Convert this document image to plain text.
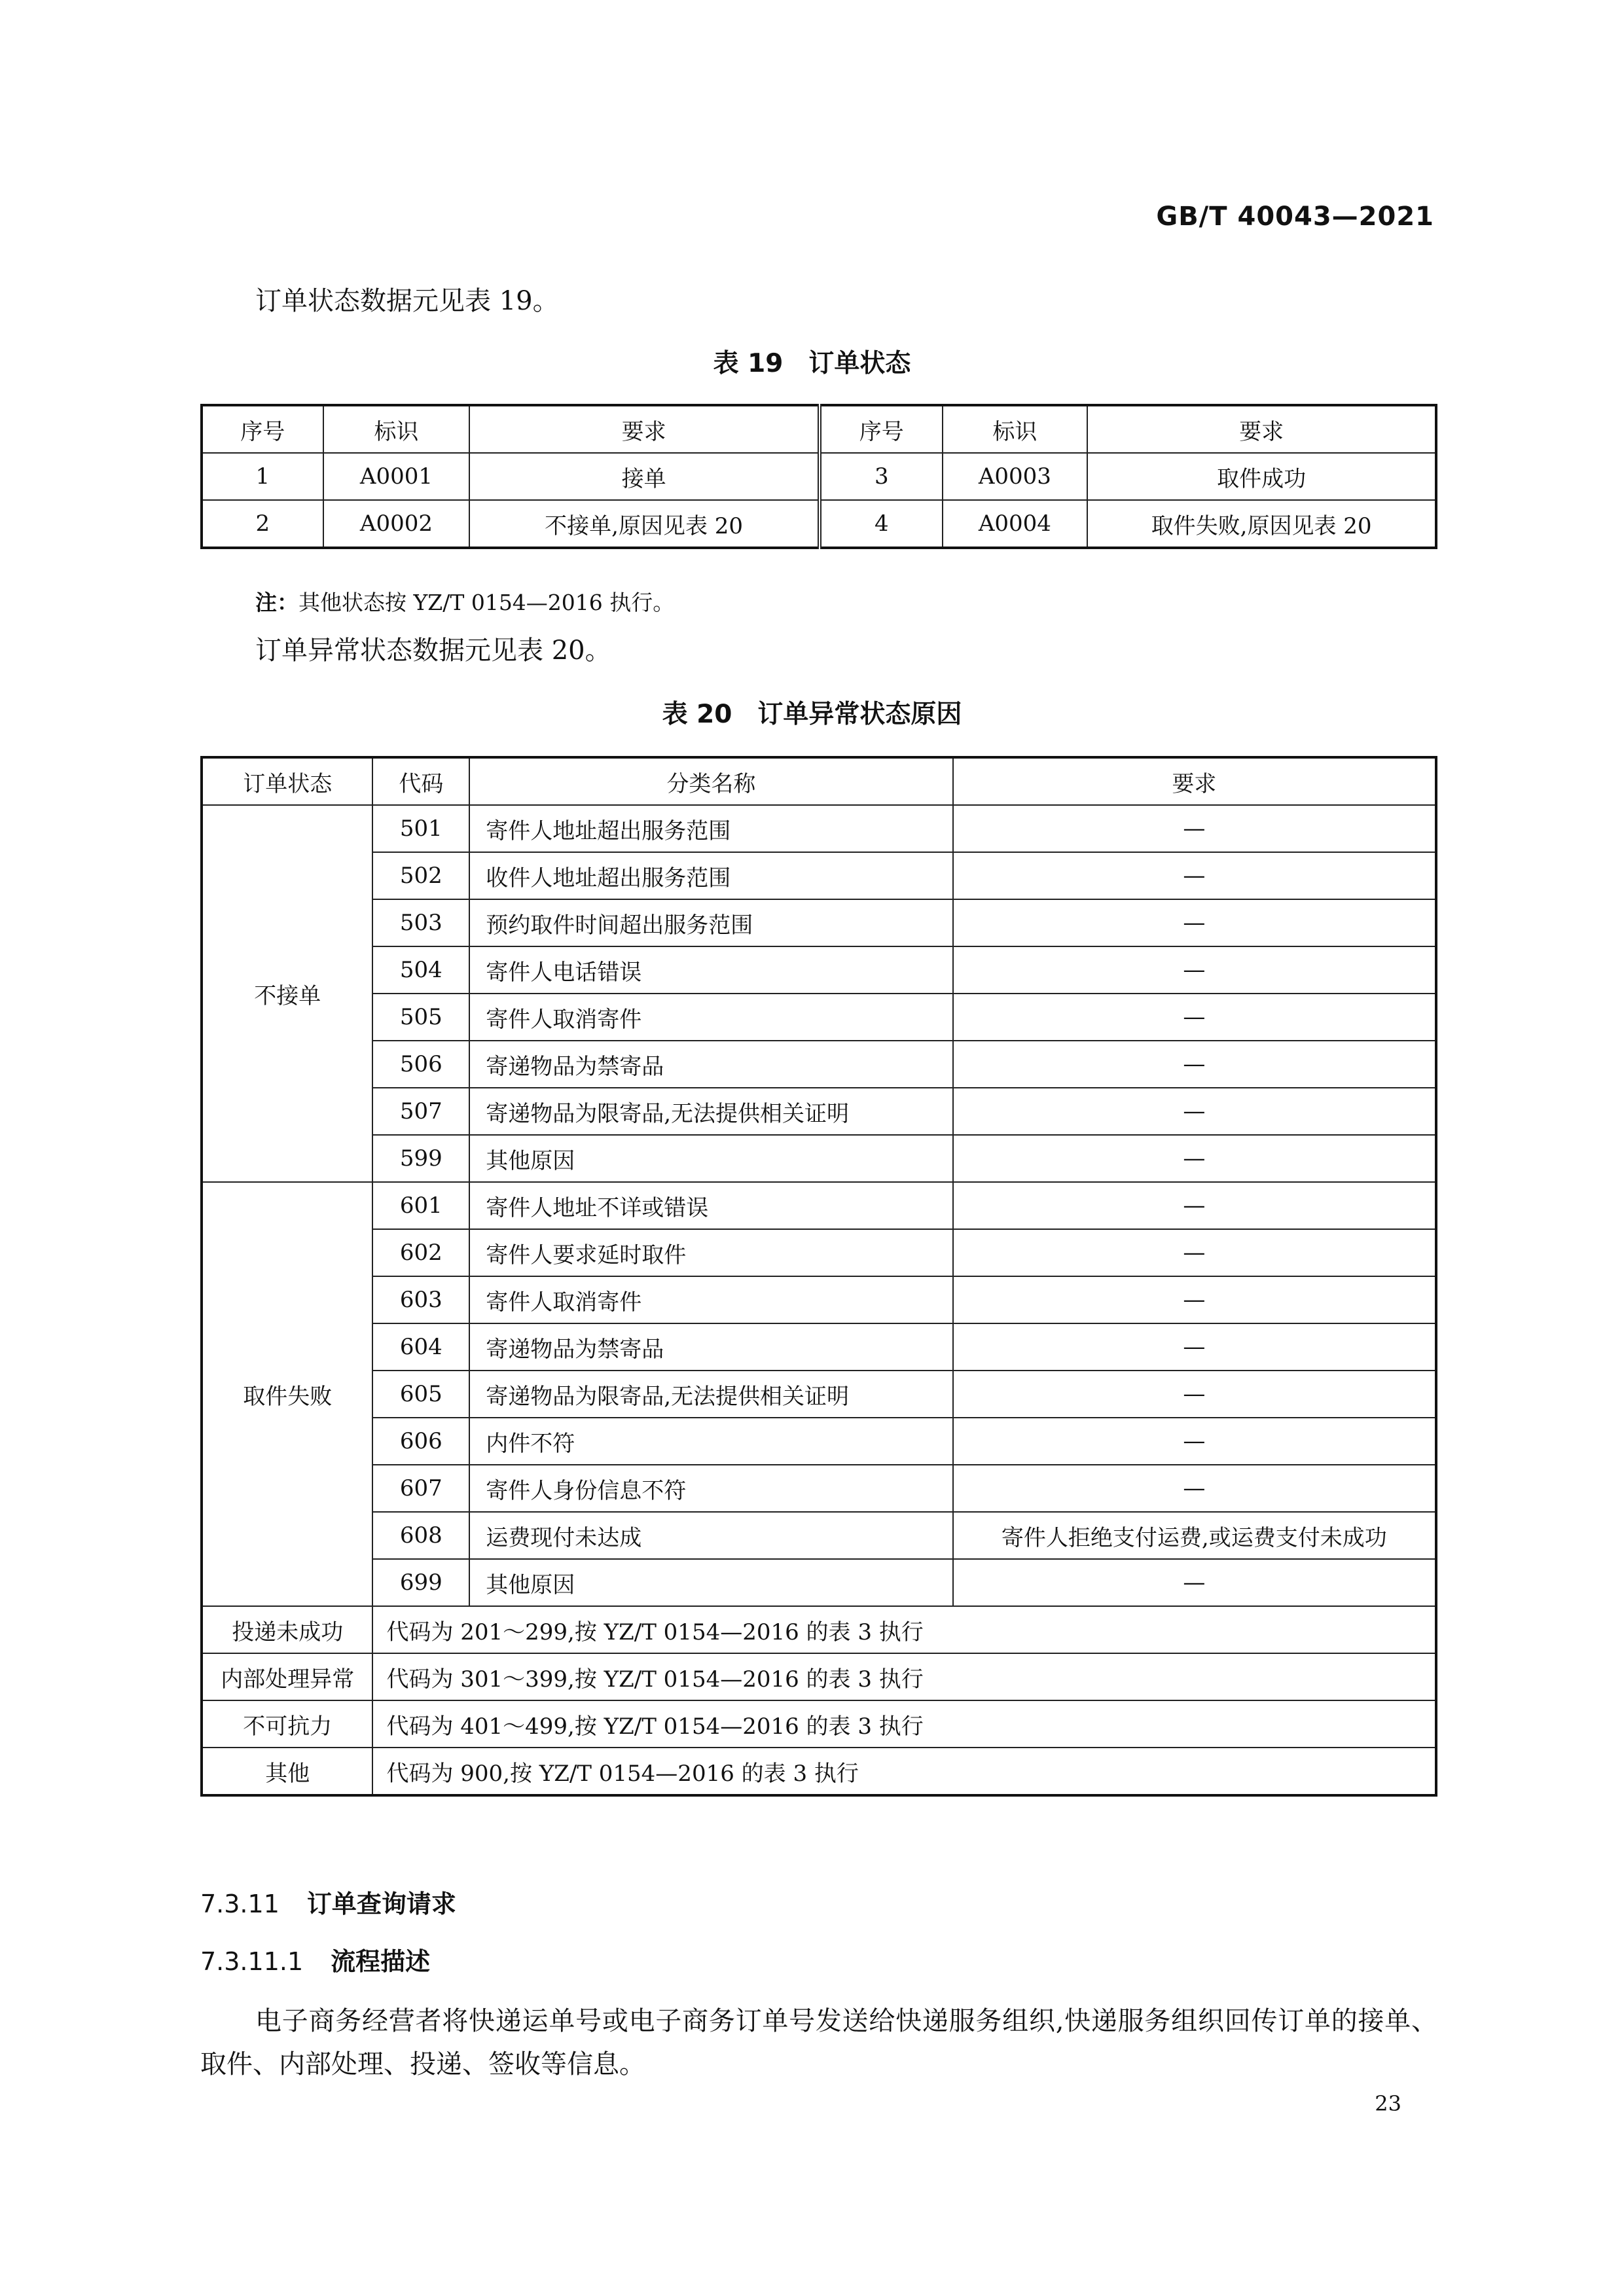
GB/T 40043—2021
订单状态数据元见表 19。
表 19　订单状态
序号	标识	要求	序号	标识	要求
1	A0001	接单	3	A0003	取件成功
2	A0002	不接单,原因见表 20	4	A0004	取件失败,原因见表 20
注：其他状态按 YZ/T 0154—2016 执行。
订单异常状态数据元见表 20。
表 20　订单异常状态原因
订单状态	代码	分类名称	要求
不接单	501	寄件人地址超出服务范围	—
	502	收件人地址超出服务范围	—
	503	预约取件时间超出服务范围	—
	504	寄件人电话错误	—
	505	寄件人取消寄件	—
	506	寄递物品为禁寄品	—
	507	寄递物品为限寄品,无法提供相关证明	—
	599	其他原因	—
取件失败	601	寄件人地址不详或错误	—
	602	寄件人要求延时取件	—
	603	寄件人取消寄件	—
	604	寄递物品为禁寄品	—
	605	寄递物品为限寄品,无法提供相关证明	—
	606	内件不符	—
	607	寄件人身份信息不符	—
	608	运费现付未达成	寄件人拒绝支付运费,或运费支付未成功
	699	其他原因	—
投递未成功	代码为 201～299,按 YZ/T 0154—2016 的表 3 执行		
内部处理异常	代码为 301～399,按 YZ/T 0154—2016 的表 3 执行		
不可抗力	代码为 401～499,按 YZ/T 0154—2016 的表 3 执行		
其他	代码为 900,按 YZ/T 0154—2016 的表 3 执行		
7.3.11 订单查询请求
7.3.11.1 流程描述
电子商务经营者将快递运单号或电子商务订单号发送给快递服务组织,快递服务组织回传订单的接单、取件、内部处理、投递、签收等信息。
23
